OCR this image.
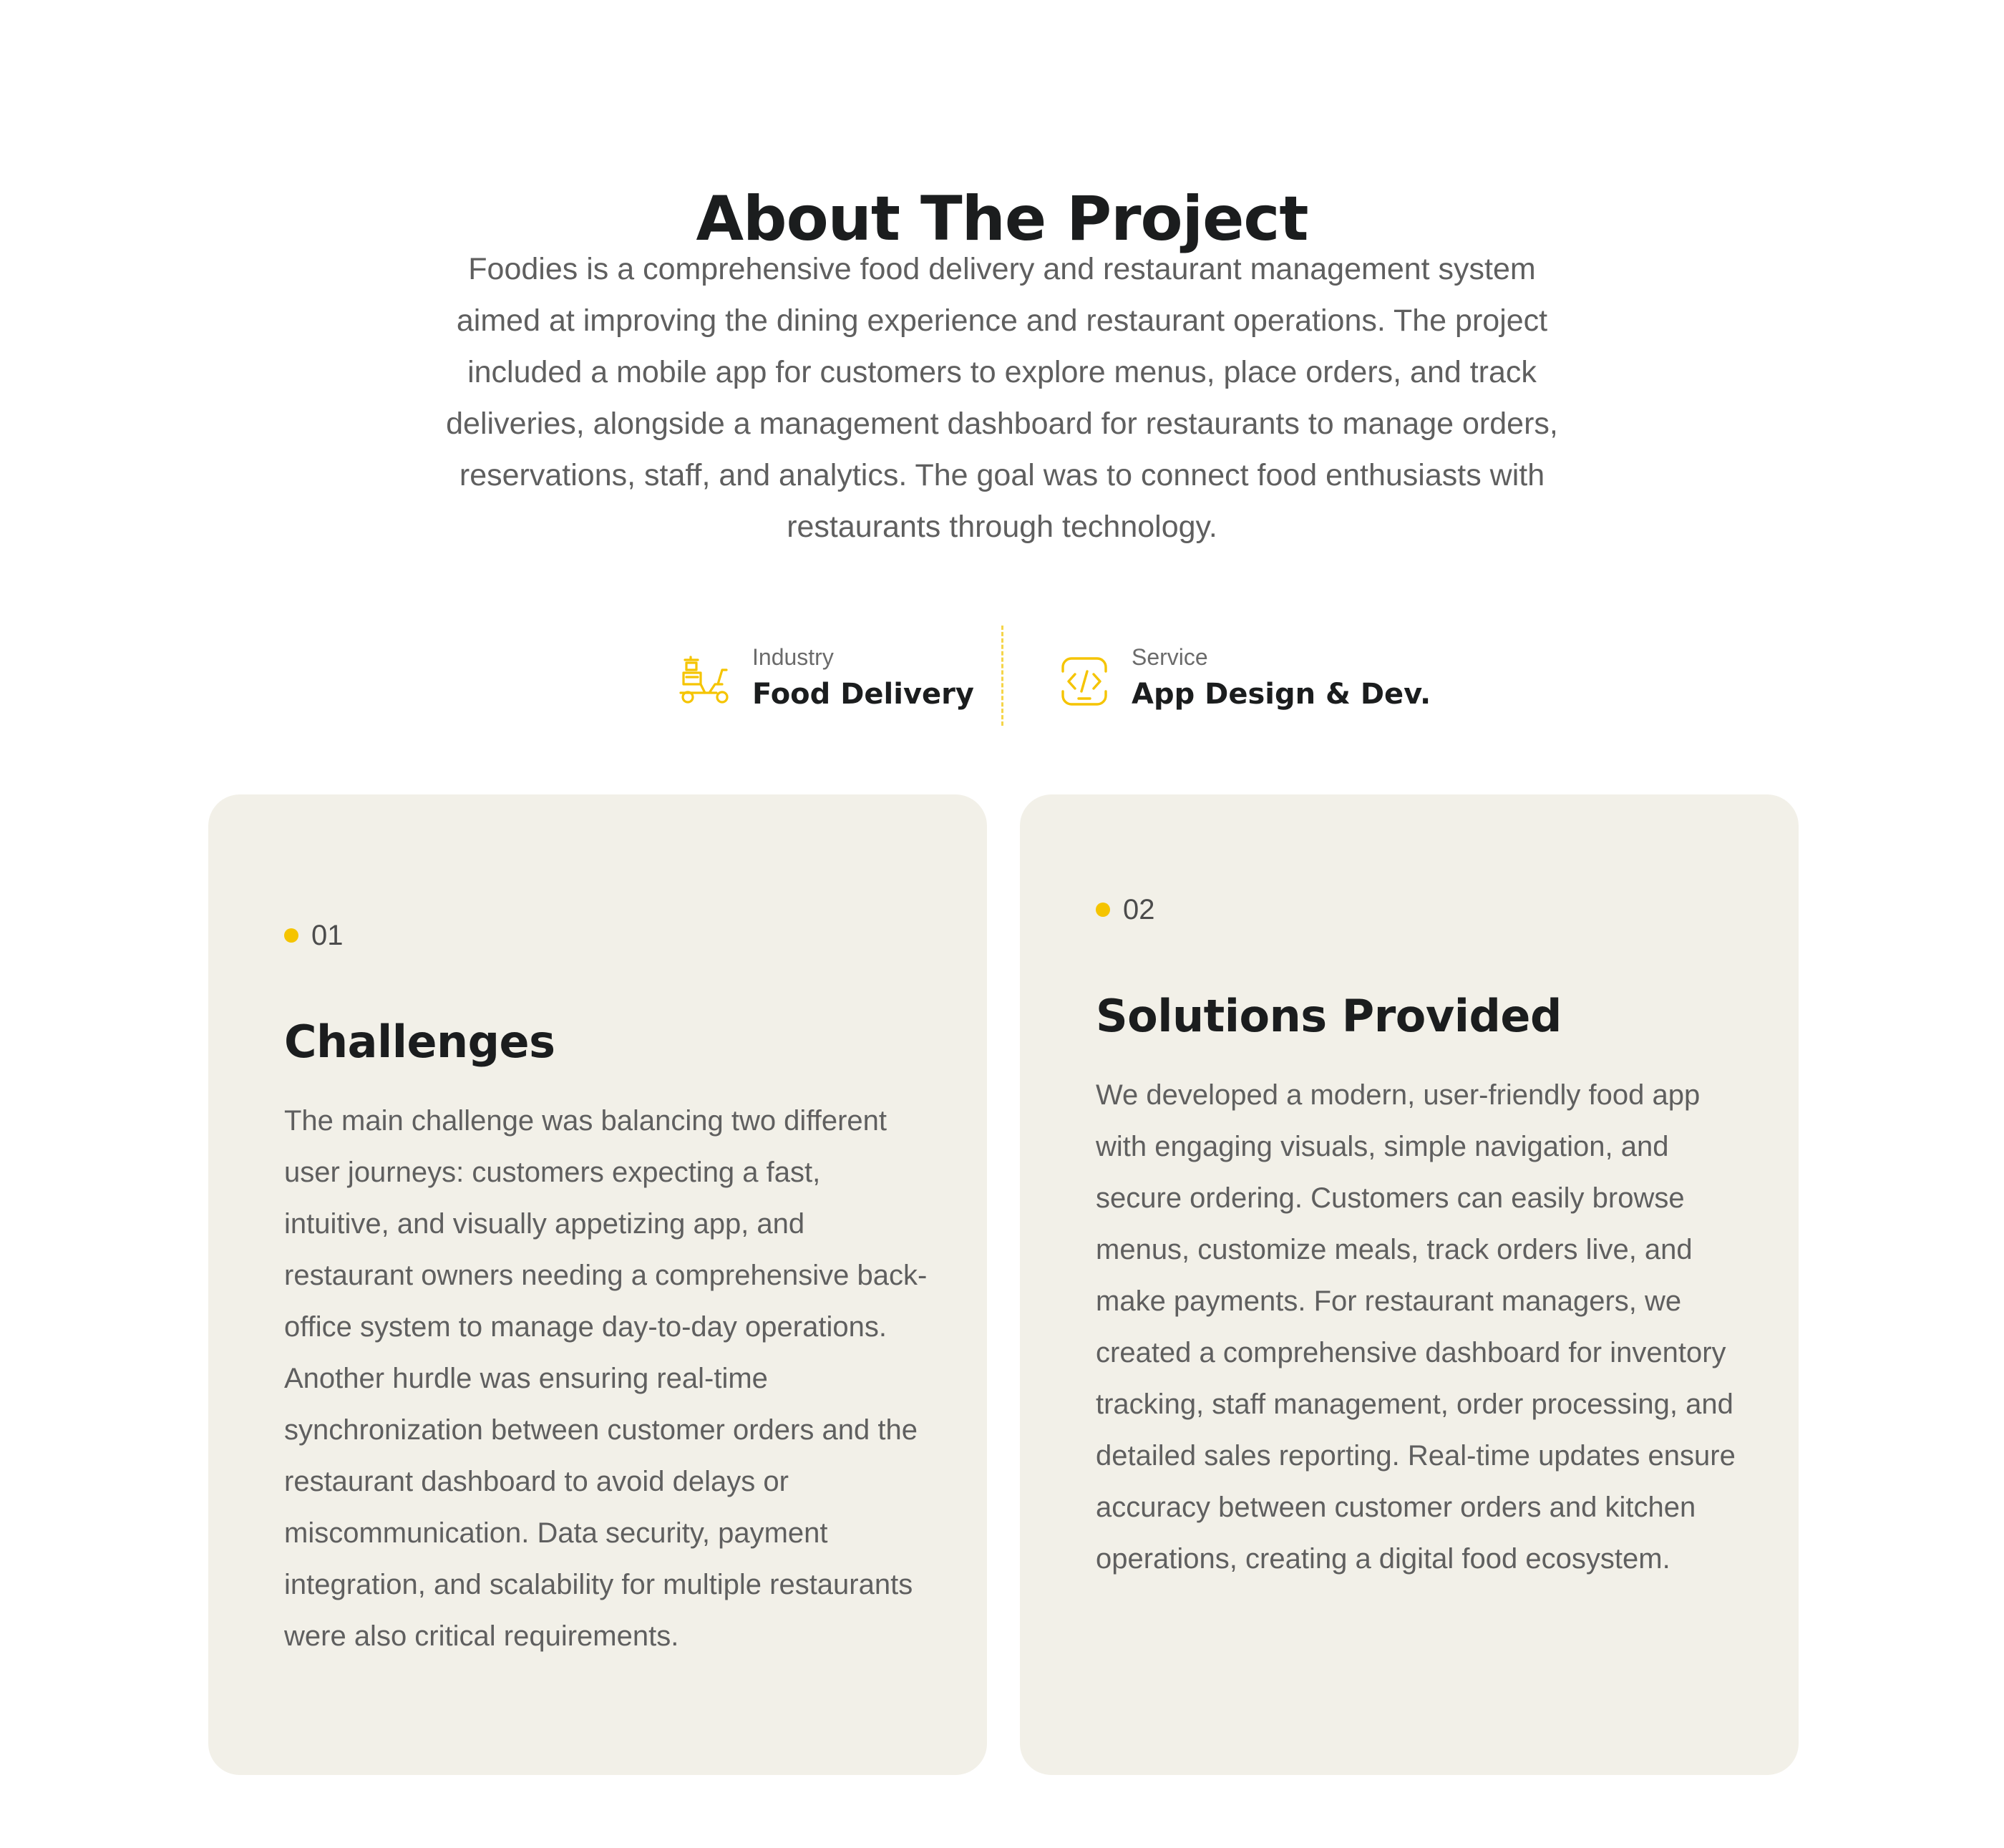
About The Project

Foodies is a comprehensive food delivery and restaurant management system aimed at improving the dining experience and restaurant operations. The project included a mobile app for customers to explore menus, place orders, and track deliveries, alongside a management dashboard for restaurants to manage orders, reservations, staff, and analytics. The goal was to connect food enthusiasts with restaurants through technology.

Industry
Food Delivery
Service
App Design & Dev.
01
Challenges
The main challenge was balancing two different user journeys: customers expecting a fast, intuitive, and visually appetizing app, and restaurant owners needing a comprehensive back-office system to manage day-to-day operations. Another hurdle was ensuring real-time synchronization between customer orders and the restaurant dashboard to avoid delays or miscommunication. Data security, payment integration, and scalability for multiple restaurants were also critical requirements.
02
Solutions Provided
We developed a modern, user-friendly food app with engaging visuals, simple navigation, and secure ordering. Customers can easily browse menus, customize meals, track orders live, and make payments. For restaurant managers, we created a comprehensive dashboard for inventory tracking, staff management, order processing, and detailed sales reporting. Real-time updates ensure accuracy between customer orders and kitchen operations, creating a digital food ecosystem.
